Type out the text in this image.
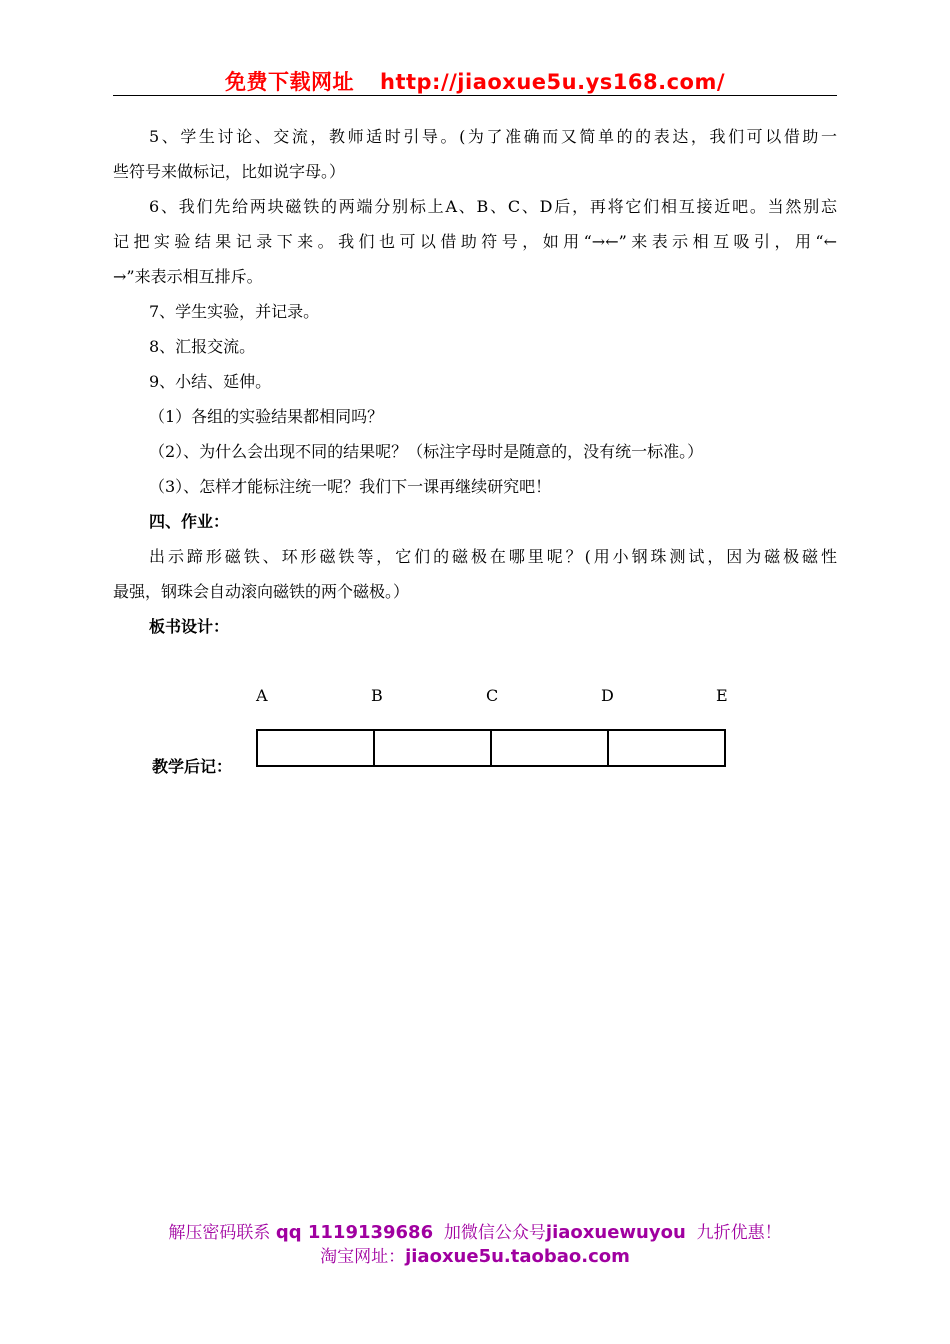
免费下载网址 http://jiaoxue5u.ys168.com/

5、学生讨论、交流，教师适时引导。(为了准确而又简单的的表达，我们可以借助一

些符号来做标记，比如说字母。）

6、我们先给两块磁铁的两端分别标上A、B、C、D后，再将它们相互接近吧。当然别忘

记把实验结果记录下来。我们也可以借助符号，如用“→←”来表示相互吸引，用“←

→”来表示相互排斥。

7、学生实验，并记录。

8、汇报交流。

9、小结、延伸。

（1）各组的实验结果都相同吗？

（2）、为什么会出现不同的结果呢？（标注字母时是随意的，没有统一标准。）

（3）、怎样才能标注统一呢？我们下一课再继续研究吧！

四、作业：

出示蹄形磁铁、环形磁铁等，它们的磁极在哪里呢？(用小钢珠测试，因为磁极磁性

最强，钢珠会自动滚向磁铁的两个磁极。）

板书设计：

A	B	C	D	E
教学后记：
解压密码联系 qq 1119139686 加微信公众号jiaoxuewuyou 九折优惠！
淘宝网址：jiaoxue5u.taobao.com
